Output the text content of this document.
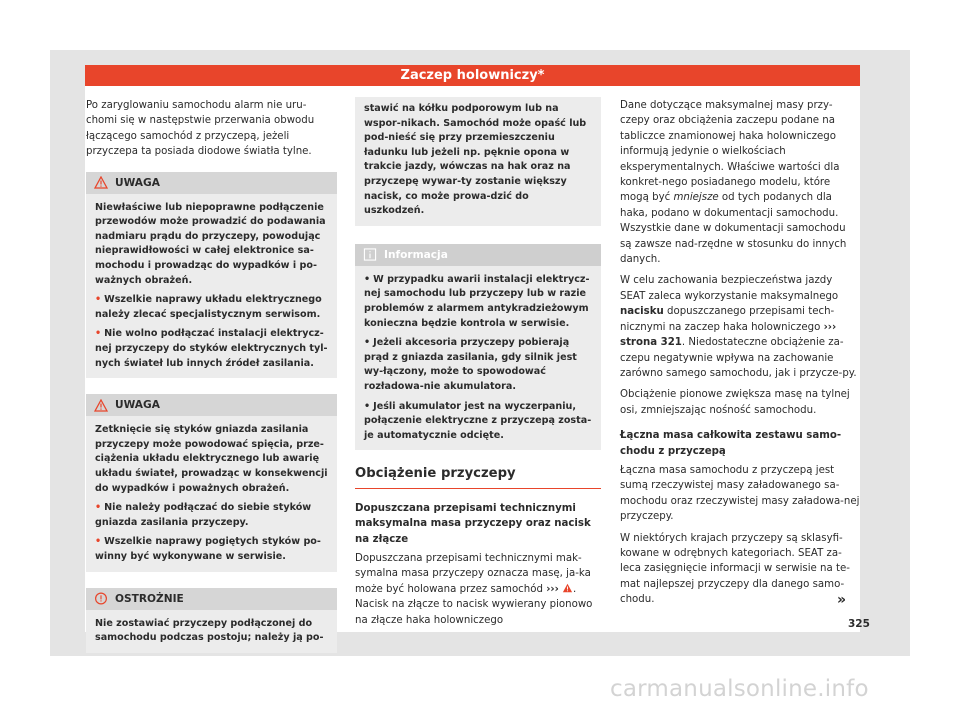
Zaczep holowniczy*

Po zaryglowaniu samochodu alarm nie uru-chomi się w następstwie przerwania obwodu łączącego samochód z przyczepą, jeżeli przyczepa ta posiada diodowe światła tylne.

UWAGA

Niewłaściwe lub niepoprawne podłączenie przewodów może prowadzić do podawania nadmiaru prądu do przyczepy, powodując nieprawidłowości w całej elektronice sa-mochodu i prowadząc do wypadków i po-ważnych obrażeń.

• Wszelkie naprawy układu elektrycznego należy zlecać specjalistycznym serwisom.

• Nie wolno podłączać instalacji elektrycz-nej przyczepy do styków elektrycznych tyl-nych świateł lub innych źródeł zasilania.

UWAGA

Zetknięcie się styków gniazda zasilania przyczepy może powodować spięcia, prze-ciążenia układu elektrycznego lub awarię układu świateł, prowadząc w konsekwencji do wypadków i poważnych obrażeń.

• Nie należy podłączać do siebie styków gniazda zasilania przyczepy.

• Wszelkie naprawy pogiętych styków po-winny być wykonywane w serwisie.

OSTROŻNIE

Nie zostawiać przyczepy podłączonej do samochodu podczas postoju; należy ją po-

stawić na kółku podporowym lub na wspor-nikach. Samochód może opaść lub pod-nieść się przy przemieszczeniu ładunku lub jeżeli np. pęknie opona w trakcie jazdy, wówczas na hak oraz na przyczepę wywar-ty zostanie większy nacisk, co może prowa-dzić do uszkodzeń.

Informacja

• W przypadku awarii instalacji elektrycz-nej samochodu lub przyczepy lub w razie problemów z alarmem antykradzieżowym konieczna będzie kontrola w serwisie.

• Jeżeli akcesoria przyczepy pobierają prąd z gniazda zasilania, gdy silnik jest wy-łączony, może to spowodować rozładowa-nie akumulatora.

• Jeśli akumulator jest na wyczerpaniu, połączenie elektryczne z przyczepą zosta-je automatycznie odcięte.

Obciążenie przyczepy

Dopuszczana przepisami technicznymi maksymalna masa przyczepy oraz nacisk na złącze

Dopuszczana przepisami technicznymi mak-symalna masa przyczepy oznacza masę, ja-ka może być holowana przez samochód ››› . Nacisk na złącze to nacisk wywierany pionowo na złącze haka holowniczego

Dane dotyczące maksymalnej masy przy-czepy oraz obciążenia zaczepu podane na tabliczce znamionowej haka holowniczego informują jedynie o wielkościach eksperymentalnych. Właściwe wartości dla konkret-nego posiadanego modelu, które mogą być mniejsze od tych podanych dla haka, podano w dokumentacji samochodu. Wszystkie dane w dokumentacji samochodu są zawsze nad-rzędne w stosunku do innych danych.

W celu zachowania bezpieczeństwa jazdy SEAT zaleca wykorzystanie maksymalnego nacisku dopuszczanego przepisami tech-nicznymi na zaczep haka holowniczego ››› strona 321. Niedostateczne obciążenie za-czepu negatywnie wpływa na zachowanie zarówno samego samochodu, jak i przycze-py.

Obciążenie pionowe zwiększa masę na tylnej osi, zmniejszając nośność samochodu.

Łączna masa całkowita zestawu samo-chodu z przyczepą

Łączna masa samochodu z przyczepą jest sumą rzeczywistej masy załadowanego sa-mochodu oraz rzeczywistej masy załadowa-nej przyczepy.

W niektórych krajach przyczepy są sklasyfi-kowane w odrębnych kategoriach. SEAT za-leca zasięgnięcie informacji w serwisie na te-mat najlepszej przyczepy dla danego samo-chodu.	»
325
carmanualsonline.info
